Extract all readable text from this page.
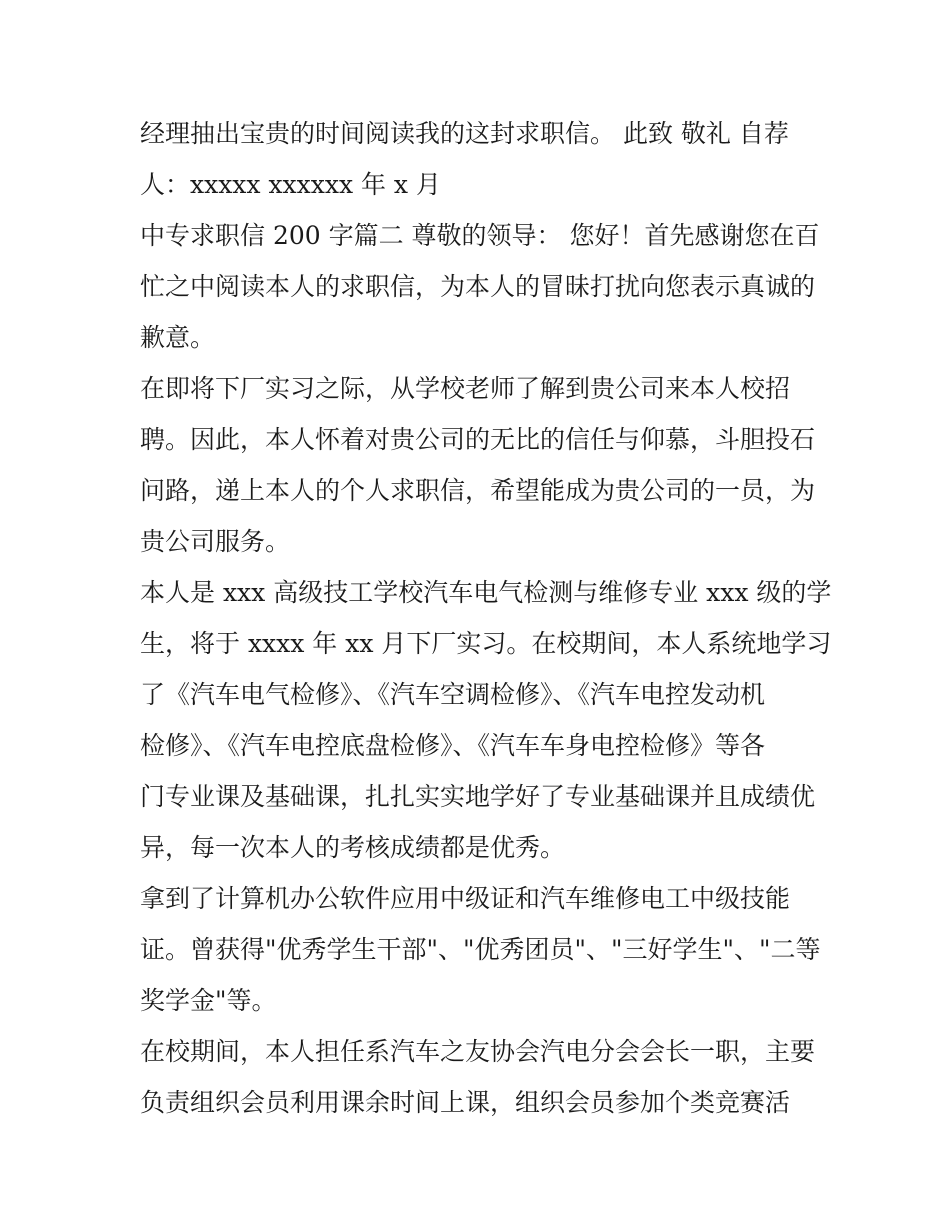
经理抽出宝贵的时间阅读我的这封求职信。 此致 敬礼 自荐
人：xxxxx xxxxxx 年 x 月
中专求职信 200 字篇二 尊敬的领导： 您好！首先感谢您在百
忙之中阅读本人的求职信，为本人的冒昧打扰向您表示真诚的
歉意。
在即将下厂实习之际，从学校老师了解到贵公司来本人校招
聘。因此，本人怀着对贵公司的无比的信任与仰慕，斗胆投石
问路，递上本人的个人求职信，希望能成为贵公司的一员，为
贵公司服务。
本人是 xxx 高级技工学校汽车电气检测与维修专业 xxx 级的学
生，将于 xxxx 年 xx 月下厂实习。在校期间，本人系统地学习
了《汽车电气检修》、《汽车空调检修》、《汽车电控发动机
检修》、《汽车电控底盘检修》、《汽车车身电控检修》等各
门专业课及基础课，扎扎实实地学好了专业基础课并且成绩优
异，每一次本人的考核成绩都是优秀。
拿到了计算机办公软件应用中级证和汽车维修电工中级技能
证。曾获得"优秀学生干部"、"优秀团员"、"三好学生"、"二等
奖学金"等。
在校期间，本人担任系汽车之友协会汽电分会会长一职，主要
负责组织会员利用课余时间上课，组织会员参加个类竞赛活
